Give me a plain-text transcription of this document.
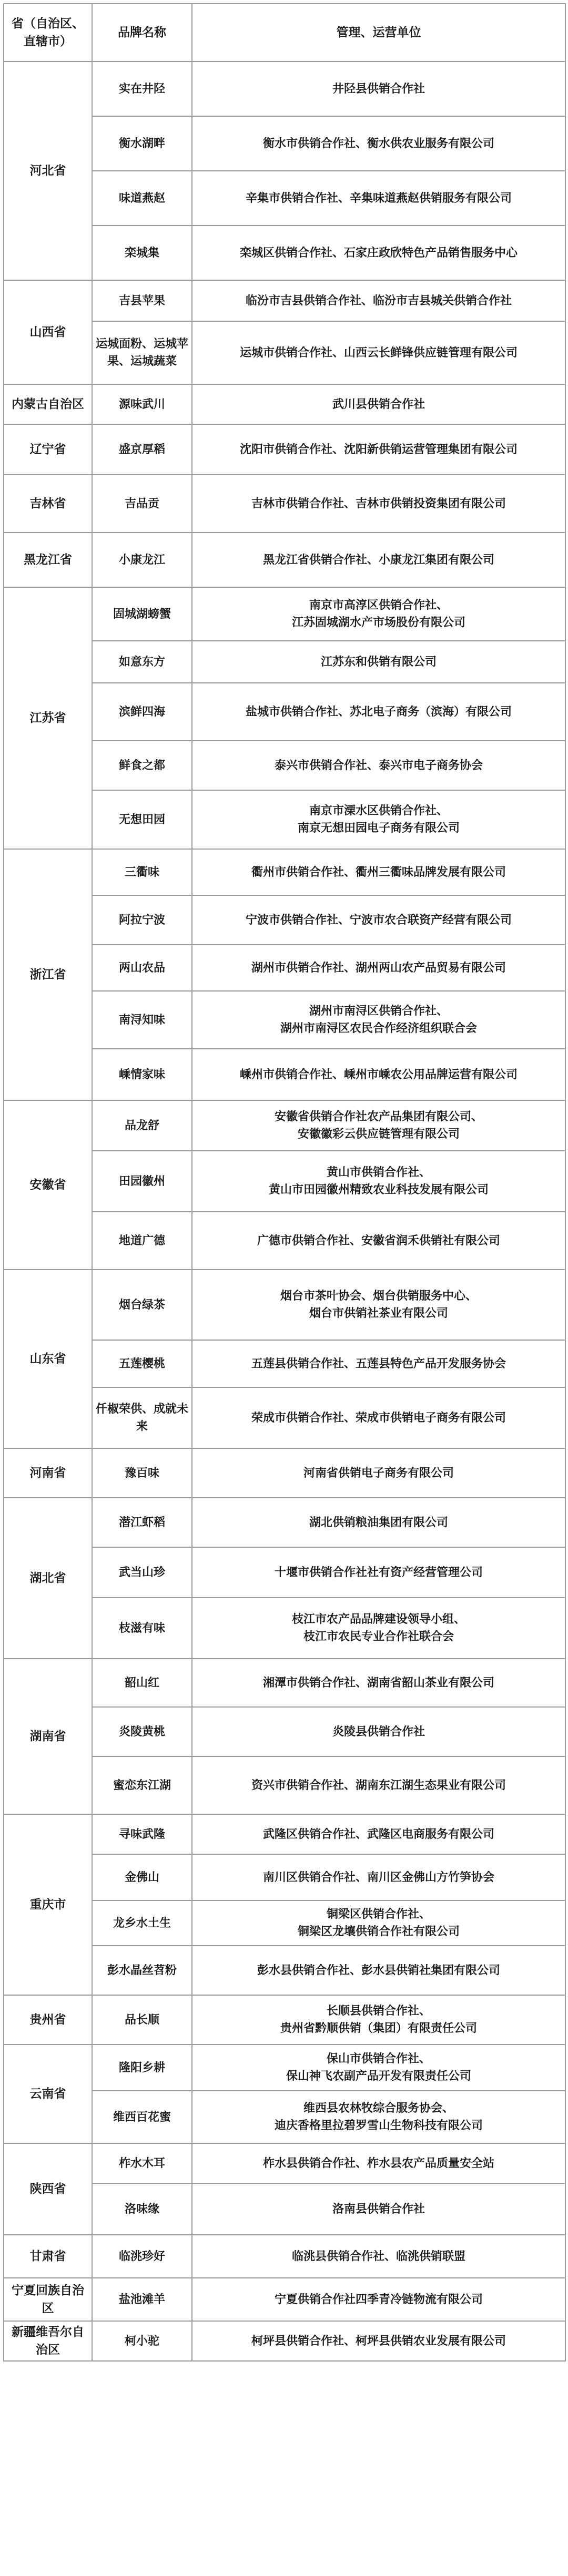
省（自治区、直辖市）	品牌名称	管理、运营单位
河北省	实在井陉	井陉县供销合作社

	衡水湖畔	衡水市供销合作社、衡水供农业服务有限公司

	味道燕赵	辛集市供销合作社、辛集味道燕赵供销服务有限公司

	栾城集	栾城区供销合作社、石家庄政欣特色产品销售服务中心

山西省	吉县苹果	临汾市吉县供销合作社、临汾市吉县城关供销合作社

	运城面粉、运城苹果、运城蔬菜	运城市供销合作社、山西云长鲜锋供应链管理有限公司

内蒙古自治区	源味武川	武川县供销合作社

辽宁省	盛京厚稻	沈阳市供销合作社、沈阳新供销运营管理集团有限公司

吉林省	吉品贡	吉林市供销合作社、吉林市供销投资集团有限公司

黑龙江省	小康龙江	黑龙江省供销合作社、小康龙江集团有限公司

江苏省	固城湖螃蟹	南京市高淳区供销合作社、
江苏固城湖水产市场股份有限公司

	如意东方	江苏东和供销有限公司

	滨鲜四海	盐城市供销合作社、苏北电子商务（滨海）有限公司

	鲜食之都	泰兴市供销合作社、泰兴市电子商务协会

	无想田园	南京市溧水区供销合作社、
南京无想田园电子商务有限公司

浙江省	三衢味	衢州市供销合作社、衢州三衢味品牌发展有限公司

	阿拉宁波	宁波市供销合作社、宁波市农合联资产经营有限公司

	两山农品	湖州市供销合作社、湖州两山农产品贸易有限公司

	南浔知味	湖州市南浔区供销合作社、
湖州市南浔区农民合作经济组织联合会

	嵊情家味	嵊州市供销合作社、嵊州市嵊农公用品牌运营有限公司

安徽省	品龙舒	安徽省供销合作社农产品集团有限公司、
安徽徽彩云供应链管理有限公司

	田园徽州	黄山市供销合作社、
黄山市田园徽州精致农业科技发展有限公司

	地道广德	广德市供销合作社、安徽省润禾供销社有限公司

山东省	烟台绿茶	烟台市茶叶协会、烟台供销服务中心、
烟台市供销社茶业有限公司

	五莲樱桃	五莲县供销合作社、五莲县特色产品开发服务协会

	仟椒荣供、成就未来	荣成市供销合作社、荣成市供销电子商务有限公司

河南省	豫百味	河南省供销电子商务有限公司

湖北省	潜江虾稻	湖北供销粮油集团有限公司

	武当山珍	十堰市供销合作社社有资产经营管理公司

	枝滋有味	枝江市农产品品牌建设领导小组、
枝江市农民专业合作社联合会

湖南省	韶山红	湘潭市供销合作社、湖南省韶山茶业有限公司

	炎陵黄桃	炎陵县供销合作社

	蜜恋东江湖	资兴市供销合作社、湖南东江湖生态果业有限公司

重庆市	寻味武隆	武隆区供销合作社、武隆区电商服务有限公司

	金佛山	南川区供销合作社、南川区金佛山方竹笋协会

	龙乡水土生	铜梁区供销合作社、
铜梁区龙壤供销合作社有限公司

	彭水晶丝苕粉	彭水县供销合作社、彭水县供销社集团有限公司

贵州省	品长顺	长顺县供销合作社、
贵州省黔顺供销（集团）有限责任公司

云南省	隆阳乡耕	保山市供销合作社、
保山神飞农副产品开发有限责任公司

	维西百花蜜	维西县农林牧综合服务协会、
迪庆香格里拉碧罗雪山生物科技有限公司

陕西省	柞水木耳	柞水县供销合作社、柞水县农产品质量安全站

	洛味缘	洛南县供销合作社

甘肃省	临洮珍好	临洮县供销合作社、临洮供销联盟

宁夏回族自治区	盐池滩羊	宁夏供销合作社四季青冷链物流有限公司

新疆维吾尔自治区	柯小驼	柯坪县供销合作社、柯坪县供销农业发展有限公司
